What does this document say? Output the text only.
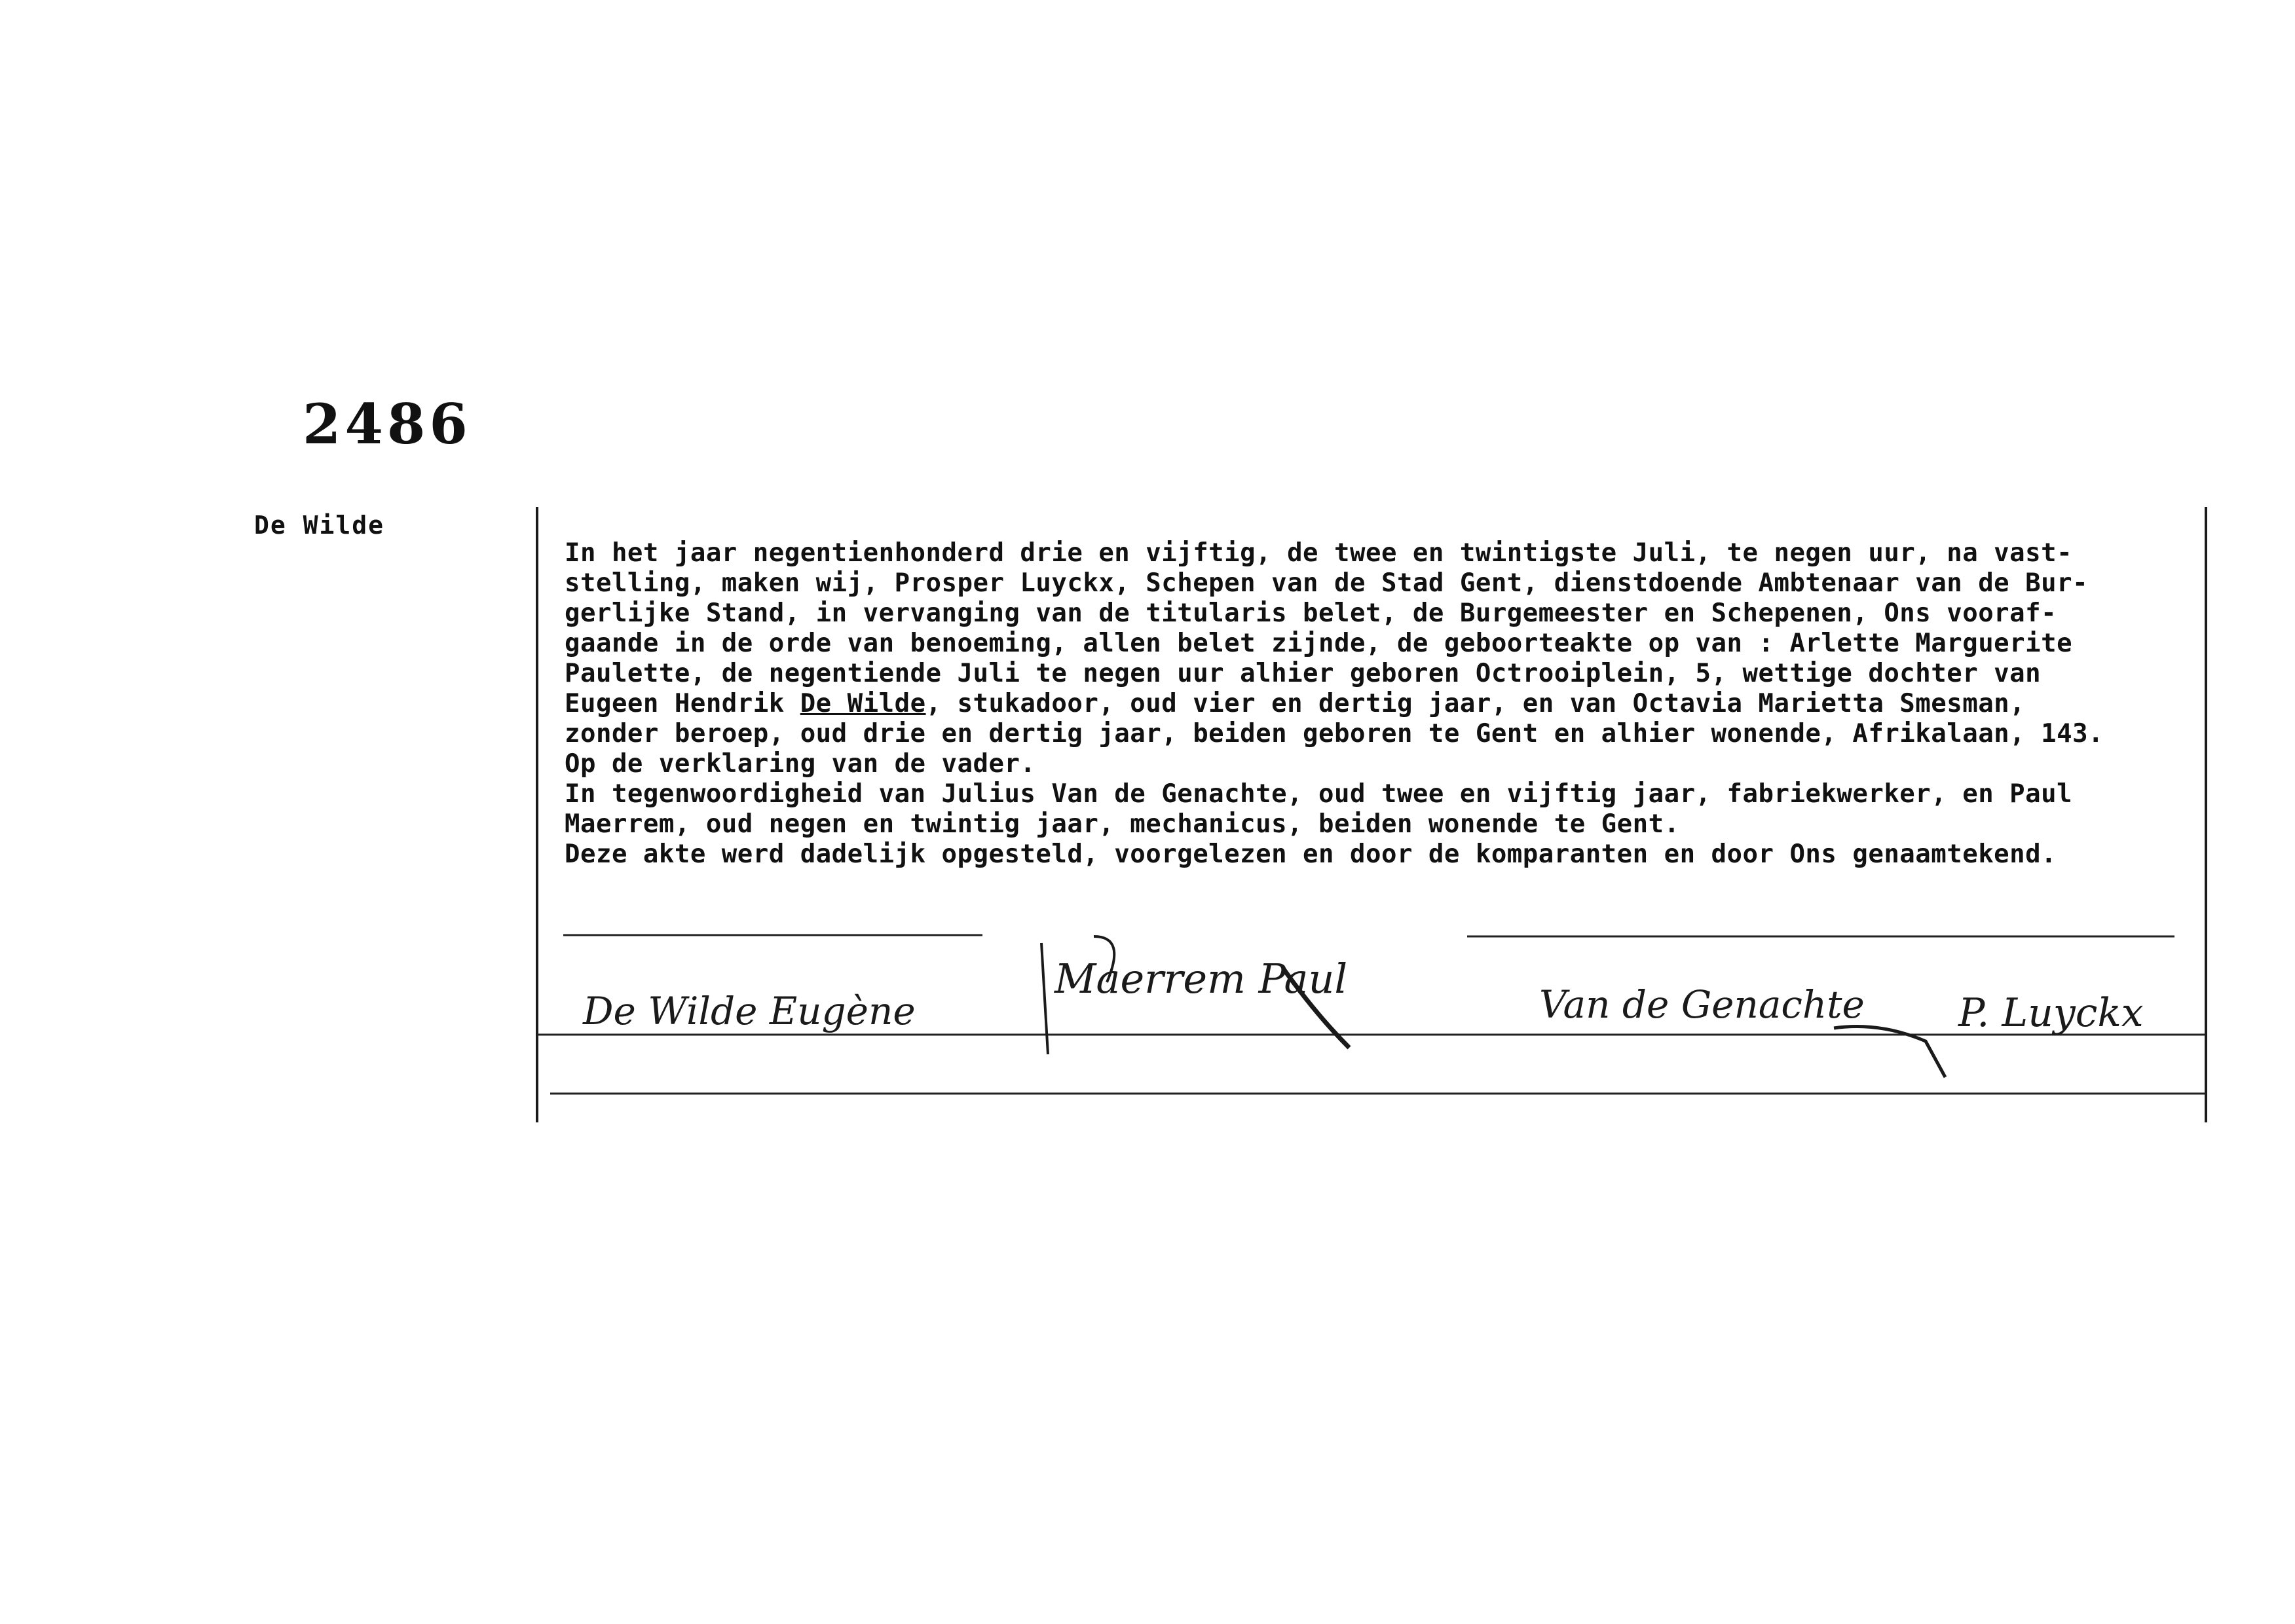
2486
De Wilde
In het jaar negentienhonderd drie en vijftig, de twee en twintigste Juli, te negen uur, na vast-
stelling, maken wij, Prosper Luyckx, Schepen van de Stad Gent, dienstdoende Ambtenaar van de Bur-
gerlijke Stand, in vervanging van de titularis belet, de Burgemeester en Schepenen, Ons vooraf-
gaande in de orde van benoeming, allen belet zijnde, de geboorteakte op van : Arlette Marguerite
Paulette, de negentiende Juli te negen uur alhier geboren Octrooiplein, 5, wettige dochter van
Eugeen Hendrik De Wilde, stukadoor, oud vier en dertig jaar, en van Octavia Marietta Smesman,
zonder beroep, oud drie en dertig jaar, beiden geboren te Gent en alhier wonende, Afrikalaan, 143.
Op de verklaring van de vader.
In tegenwoordigheid van Julius Van de Genachte, oud twee en vijftig jaar, fabriekwerker, en Paul
Maerrem, oud negen en twintig jaar, mechanicus, beiden wonende te Gent.
Deze akte werd dadelijk opgesteld, voorgelezen en door de komparanten en door Ons genaamtekend.
De Wilde Eugène
Maerrem Paul
Van de Genachte P. Luyckx
